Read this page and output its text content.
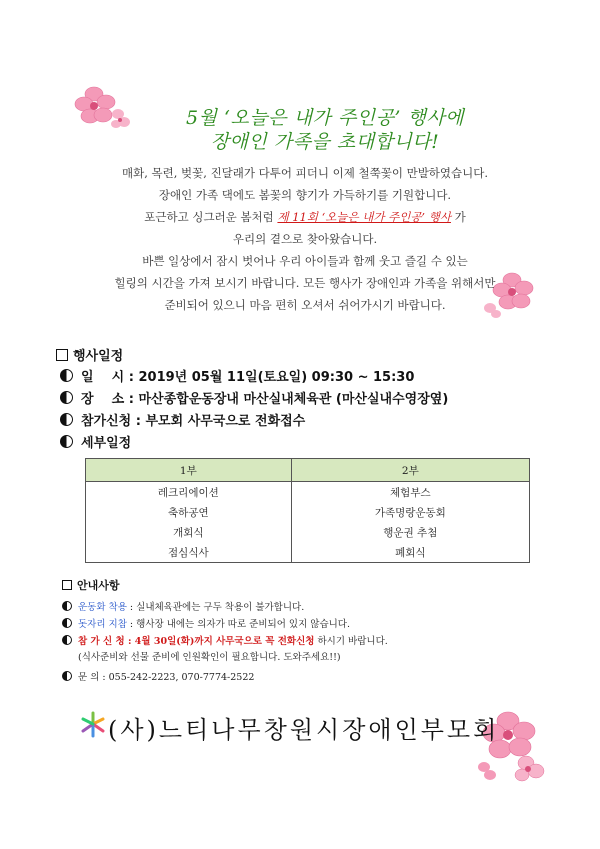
5월 ‘오늘은 내가 주인공’ 행사에
장애인 가족을 초대합니다!
매화, 목련, 벚꽃, 진달래가 다투어 피더니 이제 철쭉꽃이 만발하였습니다.
장애인 가족 댁에도 봄꽃의 향기가 가득하기를 기원합니다.
포근하고 싱그러운 봄처럼 제 11회 ‘오늘은 내가 주인공’ 행사 가
우리의 곁으로 찾아왔습니다.
바쁜 일상에서 잠시 벗어나 우리 아이들과 함께 웃고 즐길 수 있는
힐링의 시간을 가져 보시기 바랍니다. 모든 행사가 장애인과 가족을 위해서만
준비되어 있으니 마음 편히 오셔서 쉬어가시기 바랍니다.
행사일정
일    시 : 2019년 05월 11일(토요일) 09:30 ~ 15:30
장    소 : 마산종합운동장내 마산실내체육관 (마산실내수영장옆)
참가신청 : 부모회 사무국으로 전화접수
세부일정
1부	2부
레크리에이션	체험부스
축하공연	가족명랑운동회
개회식	행운권 추첨
점심식사	폐회식
안내사항
운동화 착용 : 실내체육관에는 구두 착용이 불가합니다.
돗자리 지참 : 행사장 내에는 의자가 따로 준비되어 있지 않습니다.
참 가 신 청 : 4월 30일(화)까지 사무국으로 꼭 전화신청 하시기 바랍니다.
(식사준비와 선물 준비에 인원확인이 필요합니다. 도와주세요!!)
문 의 : 055-242-2223, 070-7774-2522
(사)느티나무창원시장애인부모회
